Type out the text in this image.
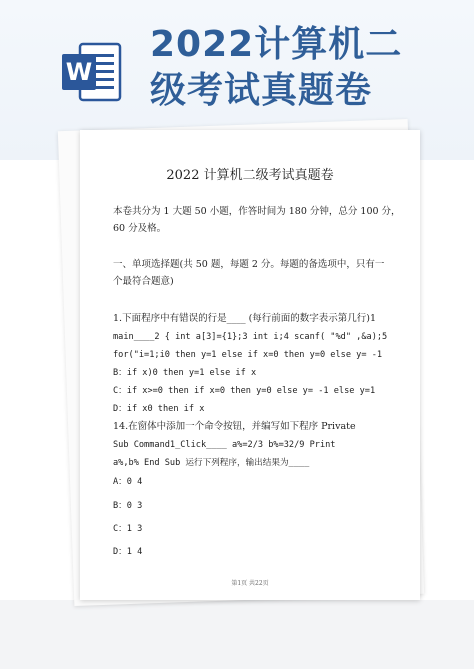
W
2022计算机二
级考试真题卷
2022 计算机二级考试真题卷
本卷共分为 1 大题 50 小题，作答时间为 180 分钟，总分 100 分，
60 分及格。
一、单项选择题(共 50 题，每题 2 分。每题的备选项中，只有一
个最符合题意)
1.下面程序中有错误的行是____ (每行前面的数字表示第几行)1
main____2 { int a[3]={1};3 int i;4 scanf( "%d" ,&a);5
for("i=1;i0 then y=1 else if x=0 then y=0 else y= -1
B：if x)0 then y=1 else if x
C：if x>=0 then if x=0 then y=0 else y= -1 else y=1
D：if x0 then if x
14.在窗体中添加一个命令按钮，并编写如下程序 Private
Sub Command1_Click____ a%=2/3 b%=32/9 Print
a%,b% End Sub 运行下列程序，输出结果为____
A：0 4
B：0 3
C：1 3
D：1 4
第1页 共22页
